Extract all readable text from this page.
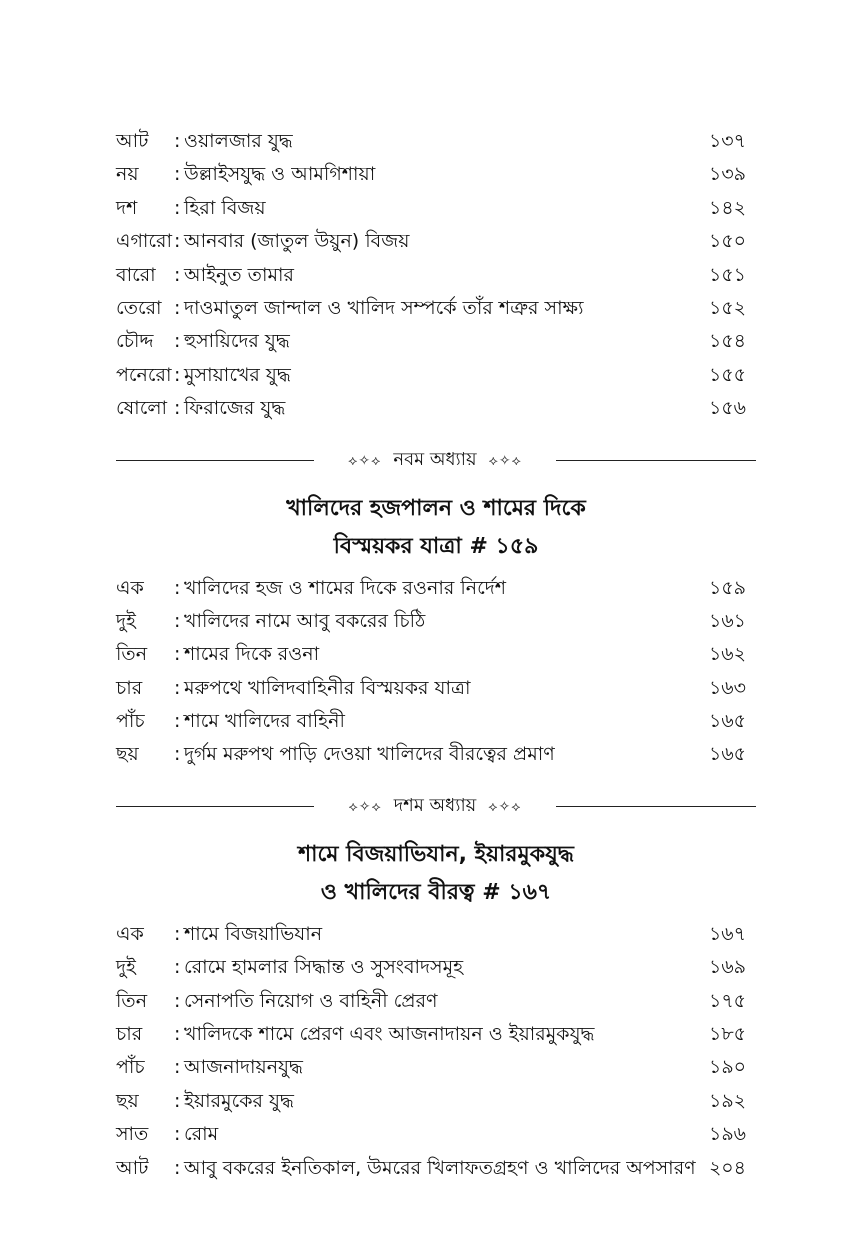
আট : ওয়ালজার যুদ্ধ	১৩৭
নয় : উল্লাইসযুদ্ধ ও আমগিশায়া	১৩৯
দশ : হিরা বিজয়	১৪২
এগারো : আনবার (জাতুল উয়ুন) বিজয়	১৫০
বারো : আইনুত তামার	১৫১
তেরো : দাওমাতুল জান্দাল ও খালিদ সম্পর্কে তাঁর শত্রুর সাক্ষ্য	১৫২
চৌদ্দ : হুসায়িদের যুদ্ধ	১৫৪
পনেরো : মুসায়াখের যুদ্ধ	১৫৫
ষোলো : ফিরাজের যুদ্ধ	১৫৬
⟡✧⟡ নবম অধ্যায় ⟡✧⟡
খালিদের হজপালন ও শামের দিকে
বিস্ময়কর যাত্রা # ১৫৯
এক : খালিদের হজ ও শামের দিকে রওনার নির্দেশ	১৫৯
দুই : খালিদের নামে আবু বকরের চিঠি	১৬১
তিন : শামের দিকে রওনা	১৬২
চার : মরুপথে খালিদবাহিনীর বিস্ময়কর যাত্রা	১৬৩
পাঁচ : শামে খালিদের বাহিনী	১৬৫
ছয় : দুর্গম মরুপথ পাড়ি দেওয়া খালিদের বীরত্বের প্রমাণ	১৬৫
⟡✧⟡ দশম অধ্যায় ⟡✧⟡
শামে বিজয়াভিযান, ইয়ারমুকযুদ্ধ
ও খালিদের বীরত্ব # ১৬৭
এক : শামে বিজয়াভিযান	১৬৭
দুই : রোমে হামলার সিদ্ধান্ত ও সুসংবাদসমূহ	১৬৯
তিন : সেনাপতি নিয়োগ ও বাহিনী প্রেরণ	১৭৫
চার : খালিদকে শামে প্রেরণ এবং আজনাদায়ন ও ইয়ারমুকযুদ্ধ	১৮৫
পাঁচ : আজনাদায়নযুদ্ধ	১৯০
ছয় : ইয়ারমুকের যুদ্ধ	১৯২
সাত : রোম	১৯৬
আট : আবু বকরের ইনতিকাল, উমরের খিলাফতগ্রহণ ও খালিদের অপসারণ ২০৪
